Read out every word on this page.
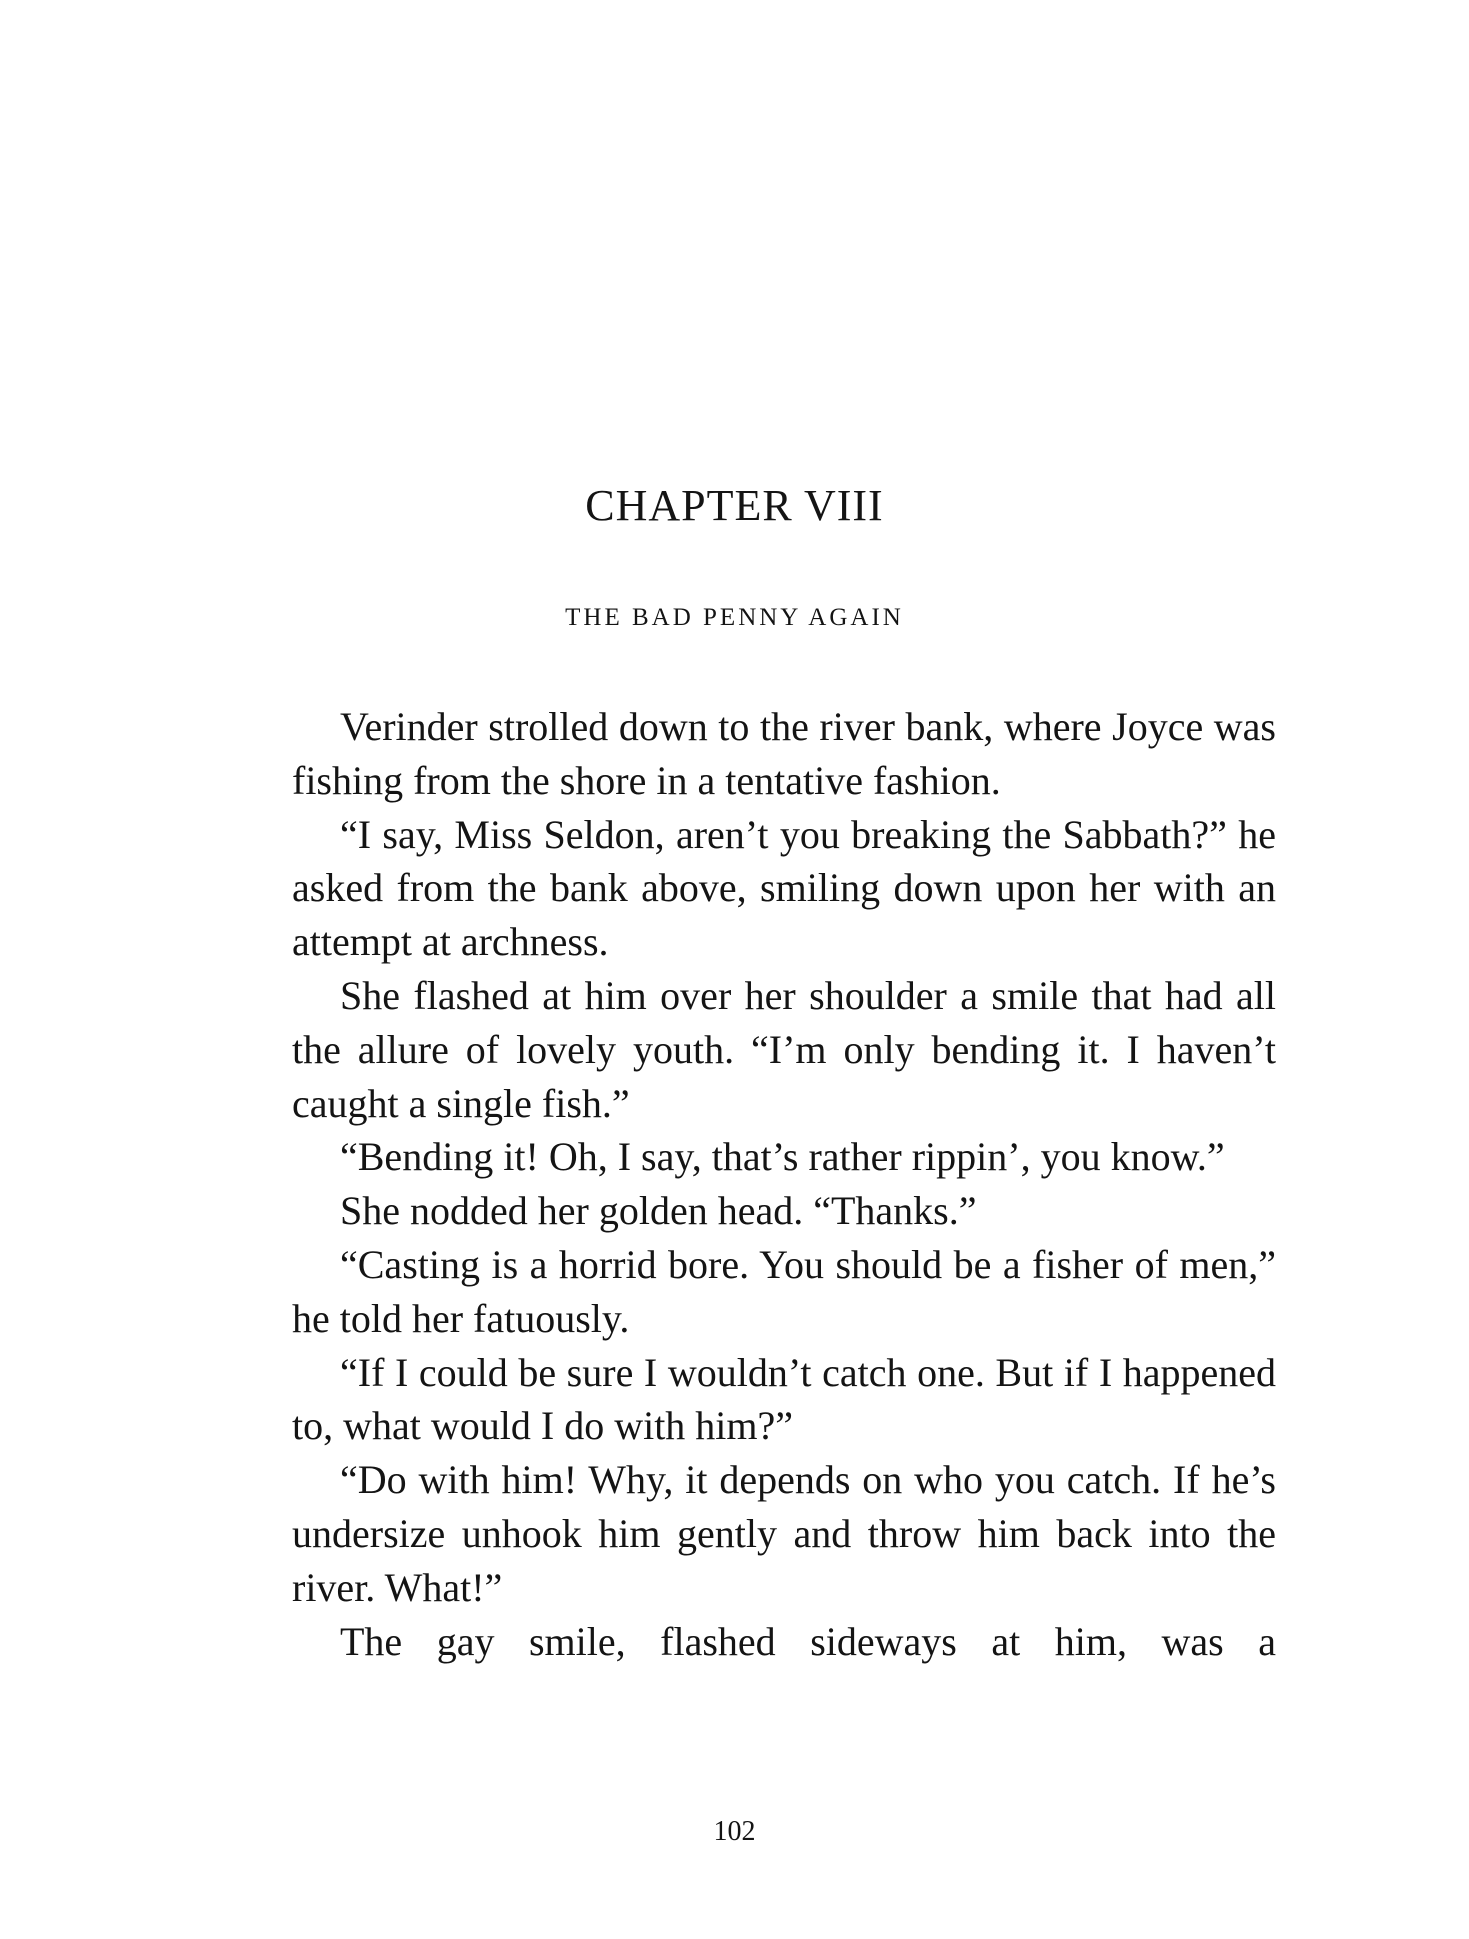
CHAPTER VIII
THE BAD PENNY AGAIN

Verinder strolled down to the river bank, where Joyce was fishing from the shore in a tentative fashion.

“I say, Miss Seldon, aren’t you breaking the Sabbath?” he asked from the bank above, smiling down upon her with an attempt at archness.

She flashed at him over her shoulder a smile that had all the allure of lovely youth. “I’m only bending it. I haven’t caught a single fish.”

“Bending it! Oh, I say, that’s rather rippin’, you know.”

She nodded her golden head. “Thanks.”

“Casting is a horrid bore. You should be a fisher of men,” he told her fatuously.

“If I could be sure I wouldn’t catch one. But if I happened to, what would I do with him?”

“Do with him! Why, it depends on who you catch. If he’s undersize unhook him gently and throw him back into the river. What!”

The gay smile, flashed sideways at him, was a

102
